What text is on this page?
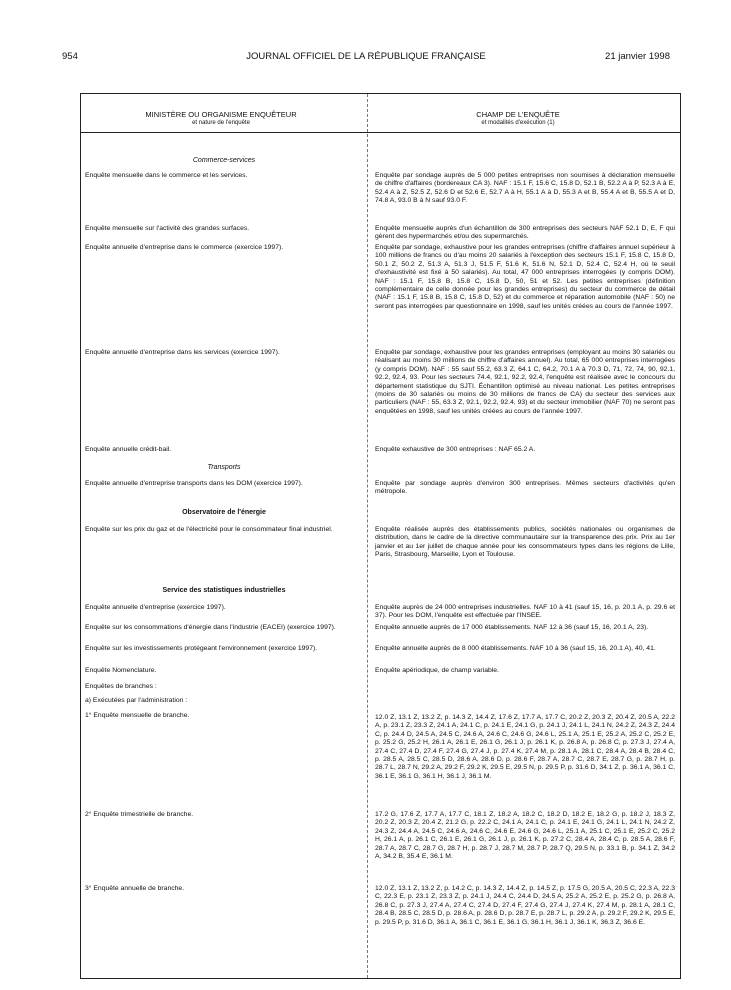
954	JOURNAL OFFICIEL DE LA RÉPUBLIQUE FRANÇAISE	21 janvier 1998
MINISTÈRE OU ORGANISME ENQUÊTEUR
et nature de l'enquête
CHAMP DE L'ENQUÊTE
et modalités d'exécution (1)
Commerce-services
Enquête mensuelle dans le commerce et les services.	Enquête par sondage auprès de 5 000 petites entreprises non soumises à déclaration mensuelle de chiffre d'affaires (bordereaux CA 3). NAF : 15.1 F, 15.6 C, 15.8 D, 52.1 B, 52.2 A à P, 52.3 A à E, 52.4 A à Z, 52.5 Z, 52.6 D et 52.6 E, 52.7 A à H, 55.1 A à D, 55.3 A et B, 55.4 A et B, 55.5 A et D, 74.8 A, 93.0 B à N sauf 93.0 F.
Enquête mensuelle sur l'activité des grandes surfaces.	Enquête mensuelle auprès d'un échantillon de 300 entreprises des secteurs NAF 52.1 D, E, F qui gèrent des hypermarchés et/ou des supermarchés.
Enquête annuelle d'entreprise dans le commerce (exercice 1997).	Enquête par sondage, exhaustive pour les grandes entreprises (chiffre d'affaires annuel supérieur à 100 millions de francs ou d'au moins 20 salariés à l'exception des secteurs 15.1 F, 15.8 C, 15.8 D, 50.1 Z, 50.2 Z, 51.3 A, 51.3 J, 51.5 F, 51.6 K, 51.6 N, 52.1 D, 52.4 C, 52.4 H, où le seuil d'exhaustivité est fixé à 50 salariés). Au total, 47 000 entreprises interrogées (y compris DOM). NAF : 15.1 F, 15.8 B, 15.8 C, 15.8 D, 50, 51 et 52. Les petites entreprises (définition complémentaire de celle donnée pour les grandes entreprises) du secteur du commerce de détail (NAF : 15.1 F, 15.8 B, 15.8 C, 15.8 D, 52) et du commerce et réparation automobile (NAF : 50) ne seront pas interrogées par questionnaire en 1998, sauf les unités créées au cours de l'année 1997.
Enquête annuelle d'entreprise dans les services (exercice 1997).	Enquête par sondage, exhaustive pour les grandes entreprises (employant au moins 30 salariés ou réalisant au moins 30 millions de chiffre d'affaires annuel). Au total, 65 000 entreprises interrogées (y compris DOM). NAF : 55 sauf 55.2, 63.3 Z, 64.1 C, 64.2, 70.1 A à 70.3 D, 71, 72, 74, 90, 92.1, 92.2, 92.4, 93. Pour les secteurs 74.4, 92.1, 92.2, 92.4, l'enquête est réalisée avec le concours du département statistique du SJTI. Échantillon optimisé au niveau national. Les petites entreprises (moins de 30 salariés ou moins de 30 millions de francs de CA) du secteur des services aux particuliers (NAF : 55, 63.3 Z, 92.1, 92.2, 92.4, 93) et du secteur immobilier (NAF 70) ne seront pas enquêtées en 1998, sauf les unités créées au cours de l'année 1997.
Enquête annuelle crédit-bail.	Enquête exhaustive de 300 entreprises : NAF 65.2 A.
Transports
Enquête annuelle d'entreprise transports dans les DOM (exercice 1997).	Enquête par sondage auprès d'environ 300 entreprises. Mêmes secteurs d'activités qu'en métropole.
Observatoire de l'énergie
Enquête sur les prix du gaz et de l'électricité pour le consommateur final industriel.	Enquête réalisée auprès des établissements publics, sociétés nationales ou organismes de distribution, dans le cadre de la directive communautaire sur la transparence des prix. Prix au 1er janvier et au 1er juillet de chaque année pour les consommateurs types dans les régions de Lille, Paris, Strasbourg, Marseille, Lyon et Toulouse.
Service des statistiques industrielles
Enquête annuelle d'entreprise (exercice 1997).	Enquête auprès de 24 000 entreprises industrielles. NAF 10 à 41 (sauf 15, 16, p. 20.1 A, p. 29.6 et 37). Pour les DOM, l'enquête est effectuée par l'INSEE.
Enquête sur les consommations d'énergie dans l'industrie (EACEI) (exercice 1997).	Enquête annuelle auprès de 17 000 établissements. NAF 12 à 36 (sauf 15, 16, 20.1 A, 23).
Enquête sur les investissements protégeant l'environnement (exercice 1997).	Enquête annuelle auprès de 8 000 établissements. NAF 10 à 36 (sauf 15, 16, 20.1 A), 40, 41.
Enquête Nomenclature.	Enquête apériodique, de champ variable.
Enquêtes de branches :
a) Exécutées par l'administration :
1° Enquête mensuelle de branche.	12.0 Z, 13.1 Z, 13.2 Z, p. 14.3 Z, 14.4 Z, 17.6 Z, 17.7 A, 17.7 C, 20.2 Z, 20.3 Z, 20.4 Z, 20.5 A, 22.2 A, p. 23.1 Z, 23.3 Z, 24.1 A, 24.1 C, p. 24.1 E, 24.1 G, p. 24.1 J, 24.1 L, 24.1 N, 24.2 Z, 24.3 Z, 24.4 C, p. 24.4 D, 24.5 A, 24.5 C, 24.6 A, 24.6 C, 24.6 G, 24.6 L, 25.1 A, 25.1 E, 25.2 A, 25.2 C, 25.2 E, p. 25.2 G, 25.2 H, 26.1 A, 26.1 E, 26.1 G, 26.1 J, p. 26.1 K, p. 26.8 A, p. 26.8 C, p. 27.3 J, 27.4 A, 27.4 C, 27.4 D, 27.4 F, 27.4 G, 27.4 J, p. 27.4 K, 27.4 M, p. 28.1 A, 28.1 C, 28.4 A, 28.4 B, 28.4 C, p. 28.5 A, 28.5 C, 28.5 D, 28.6 A, 28.6 D, p. 28.6 F, 28.7 A, 28.7 C, 28.7 E, 28.7 G, p. 28.7 H, p. 28.7 L, 28.7 N, 29.2 A, 29.2 F, 29.2 K, 29.5 E, 29.5 N, p. 29.5 P, p. 31.6 D, 34.1 Z, p. 36.1 A, 36.1 C, 36.1 E, 36.1 G, 36.1 H, 36.1 J, 36.1 M.
2° Enquête trimestrielle de branche.	17.2 G, 17.6 Z, 17.7 A, 17.7 C, 18.1 Z, 18.2 A, 18.2 C, 18.2 D, 18.2 E, 18.2 G, p. 18.2 J, 18.3 Z, 20.2 Z, 20.3 Z, 20.4 Z, 21.2 G, p. 22.2 C, 24.1 A, 24.1 C, p. 24.1 E, 24.1 G, 24.1 L, 24.1 N, 24.2 Z, 24.3 Z, 24.4 A, 24.5 C, 24.6 A, 24.6 C, 24.6 E, 24.6 G, 24.6 L, 25.1 A, 25.1 C, 25.1 E, 25.2 C, 25.2 H, 26.1 A, p. 26.1 C, 26.1 E, 26.1 G, 26.1 J, p. 26.1 K, p. 27.2 C, 28.4 A, 28.4 C, p. 28.5 A, 28.6 F, 28.7 A, 28.7 C, 28.7 G, 28.7 H, p. 28.7 J, 28.7 M, 28.7 P, 28.7 Q, 29.5 N, p. 33.1 B, p. 34.1 Z, 34.2 A, 34.2 B, 35.4 E, 36.1 M.
3° Enquête annuelle de branche.	12.0 Z, 13.1 Z, 13.2 Z, p. 14.2 C, p. 14.3 Z, 14.4 Z, p. 14.5 Z, p. 17.5 G, 20.5 A, 20.5 C, 22.3 A, 22.3 C, 22.3 E, p. 23.1 Z, 23.3 Z, p. 24.1 J, 24.4 C, 24.4 D, 24.5 A, 25.2 A, 25.2 E, p. 25.2 G, p. 26.8 A, 26.8 C, p. 27.3 J, 27.4 A, 27.4 C, 27.4 D, 27.4 F, 27.4 G, 27.4 J, 27.4 K, 27.4 M, p. 28.1 A, 28.1 C, 28.4 B, 28.5 C, 28.5 D, p. 28.6 A, p. 28.6 D, p. 28.7 E, p. 28.7 L, p. 29.2 A, p. 29.2 F, 29.2 K, 29.5 E, p. 29.5 P, p. 31.6 D, 36.1 A, 36.1 C, 36.1 E, 36.1 G, 36.1 H, 36.1 J, 36.1 K, 36.3 Z, 36.6 E.
